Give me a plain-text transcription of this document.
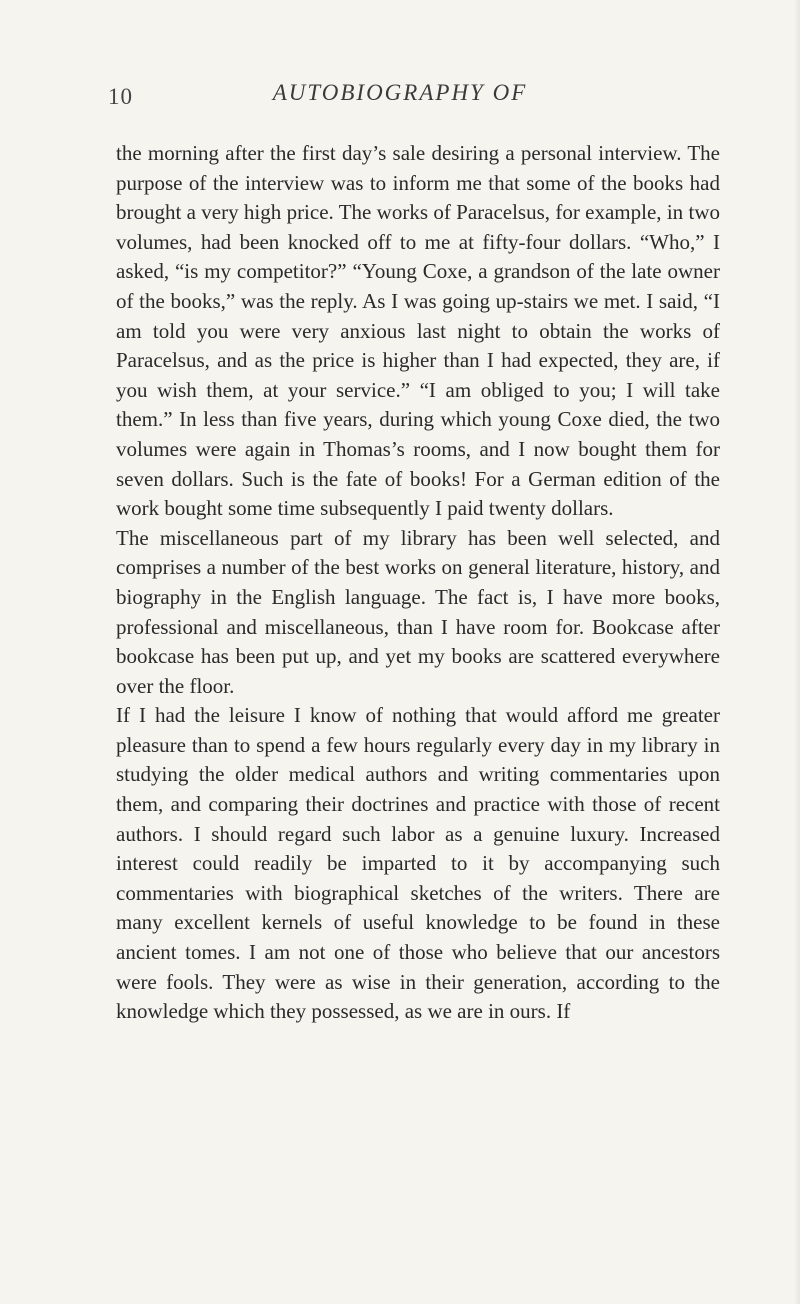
10	AUTOBIOGRAPHY OF

the morning after the first day’s sale desiring a personal interview. The purpose of the interview was to inform me that some of the books had brought a very high price. The works of Paracelsus, for example, in two volumes, had been knocked off to me at fifty-four dollars. “Who,” I asked, “is my competitor?” “Young Coxe, a grandson of the late owner of the books,” was the reply. As I was going up-stairs we met. I said, “I am told you were very anxious last night to obtain the works of Paracelsus, and as the price is higher than I had expected, they are, if you wish them, at your service.” “I am obliged to you; I will take them.” In less than five years, during which young Coxe died, the two volumes were again in Thomas’s rooms, and I now bought them for seven dollars. Such is the fate of books! For a German edition of the work bought some time subsequently I paid twenty dollars.

The miscellaneous part of my library has been well selected, and comprises a number of the best works on general literature, history, and biography in the English language. The fact is, I have more books, professional and miscellaneous, than I have room for. Bookcase after bookcase has been put up, and yet my books are scattered everywhere over the floor.

If I had the leisure I know of nothing that would afford me greater pleasure than to spend a few hours regularly every day in my library in studying the older medical authors and writing commentaries upon them, and comparing their doctrines and practice with those of recent authors. I should regard such labor as a genuine luxury. Increased interest could readily be imparted to it by accompanying such commentaries with biographical sketches of the writers. There are many excellent kernels of useful knowledge to be found in these ancient tomes. I am not one of those who believe that our ancestors were fools. They were as wise in their generation, according to the knowledge which they possessed, as we are in ours. If
